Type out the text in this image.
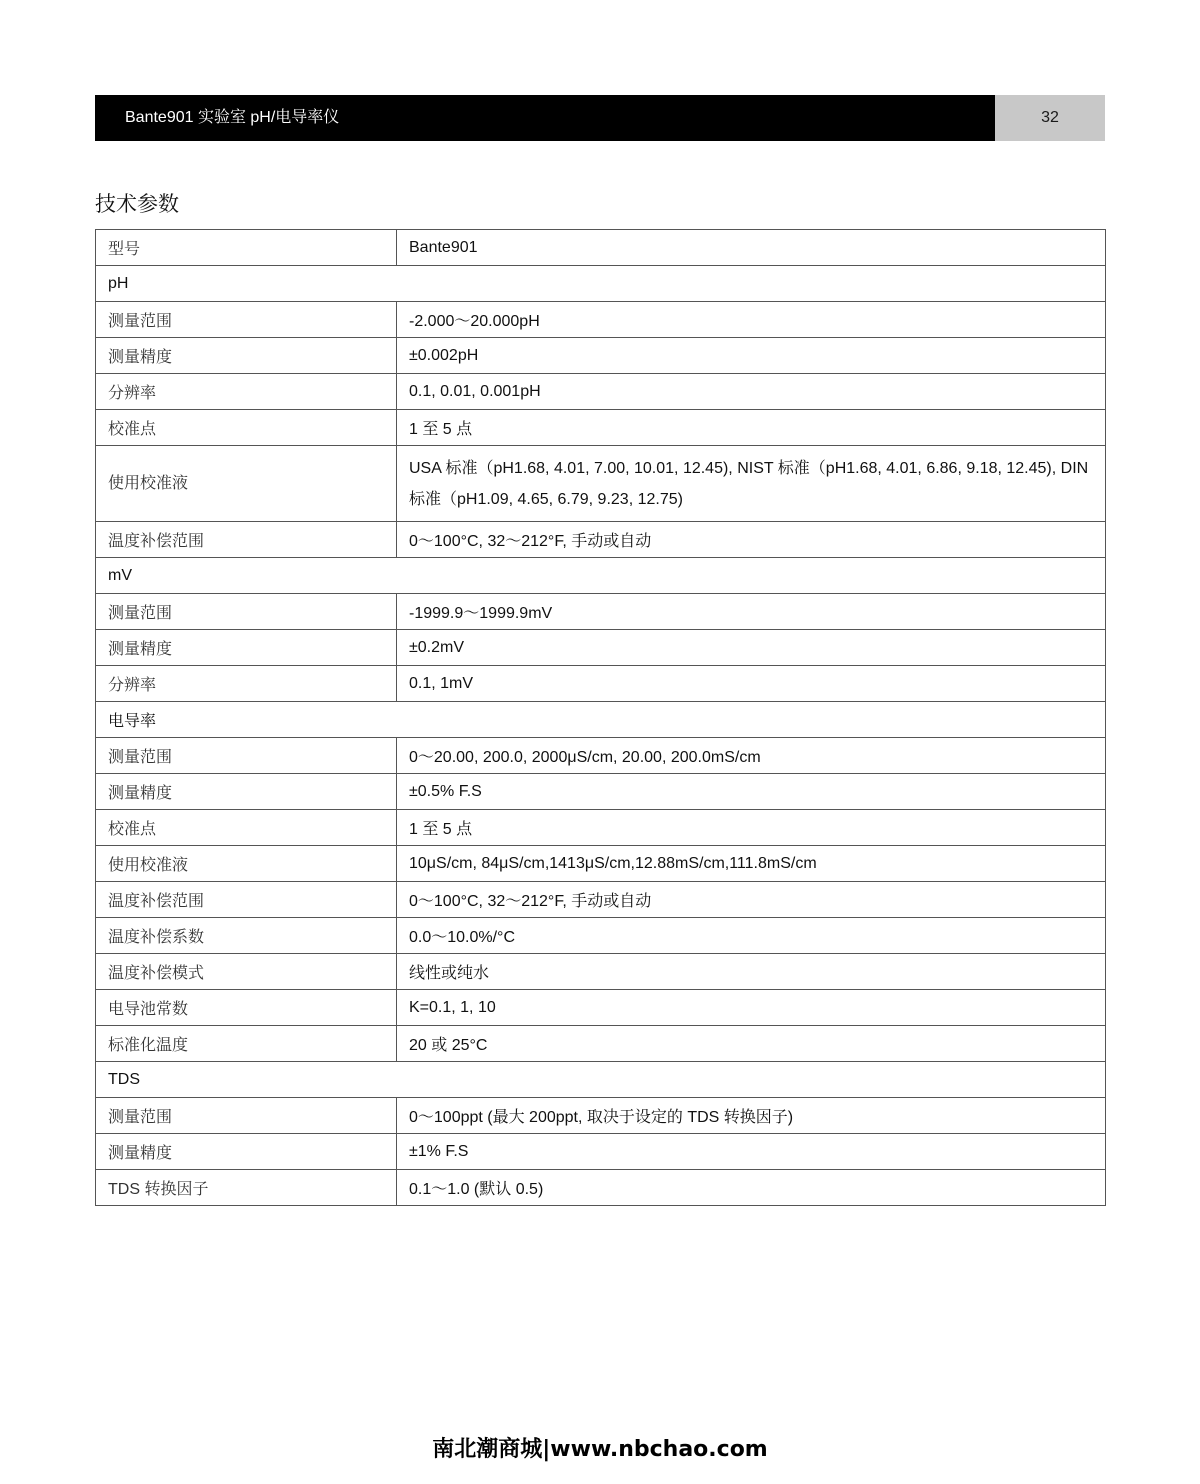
Bante901 实验室 pH/电导率仪	32
技术参数
型号	Bante901
pH	
测量范围	-2.000～20.000pH
测量精度	±0.002pH
分辨率	0.1, 0.01, 0.001pH
校准点	1 至 5 点
使用校准液	USA 标准（pH1.68, 4.01, 7.00, 10.01, 12.45), NIST 标准（pH1.68, 4.01, 6.86, 9.18, 12.45), DIN 标准（pH1.09, 4.65, 6.79, 9.23, 12.75)
温度补偿范围	0～100°C, 32～212°F, 手动或自动
mV	
测量范围	-1999.9～1999.9mV
测量精度	±0.2mV
分辨率	0.1, 1mV
电导率	
测量范围	0～20.00, 200.0, 2000μS/cm, 20.00, 200.0mS/cm
测量精度	±0.5% F.S
校准点	1 至 5 点
使用校准液	10μS/cm, 84μS/cm,1413μS/cm,12.88mS/cm,111.8mS/cm
温度补偿范围	0～100°C, 32～212°F, 手动或自动
温度补偿系数	0.0～10.0%/°C
温度补偿模式	线性或纯水
电导池常数	K=0.1, 1, 10
标准化温度	20 或 25°C
TDS	
测量范围	0～100ppt (最大 200ppt, 取决于设定的 TDS 转换因子)
测量精度	±1% F.S
TDS 转换因子	0.1～1.0 (默认 0.5)
南北潮商城|www.nbchao.com
